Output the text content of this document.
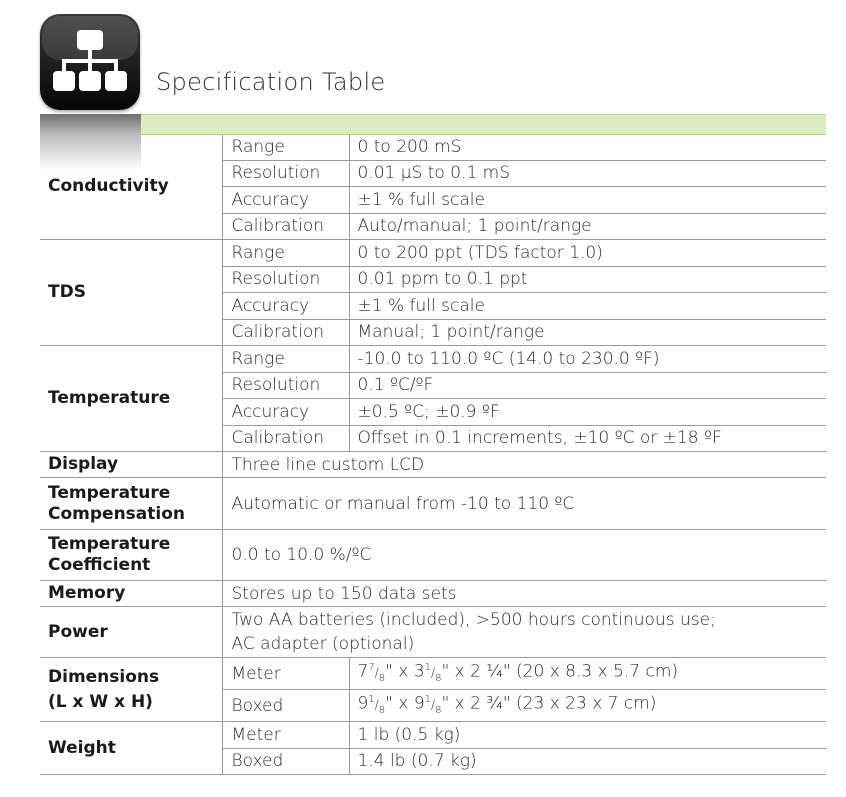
Specification Table
Conductivity	Range	0 to 200 mS
	Resolution	0.01 µS to 0.1 mS
	Accuracy	±1 % full scale
	Calibration	Auto/manual; 1 point/range
TDS	Range	0 to 200 ppt (TDS factor 1.0)
	Resolution	0.01 ppm to 0.1 ppt
	Accuracy	±1 % full scale
	Calibration	Manual; 1 point/range
Temperature	Range	-10.0 to 110.0 ºC (14.0 to 230.0 ºF)
	Resolution	0.1 ºC/ºF
	Accuracy	±0.5 ºC; ±0.9 ºF
	Calibration	Offset in 0.1 increments, ±10 ºC or ±18 ºF
Display	Three line custom LCD	
Temperature Compensation	Automatic or manual from -10 to 110 ºC	
Temperature Coefficient	0.0 to 10.0 %/ºC	
Memory	Stores up to 150 data sets	
Power	Two AA batteries (included), >500 hours continuous use;
AC adapter (optional)	

Dimensions
(L x W x H)	Meter	$7^7/_8$" x $3^1/_8$" x 2 ¼" (20 x 8.3 x 5.7 cm)
	Boxed	$9^1/_8$" x $9^1/_8$" x 2 ¾" (23 x 23 x 7 cm)
Weight	Meter	1 lb (0.5 kg)
	Boxed	1.4 lb (0.7 kg)
